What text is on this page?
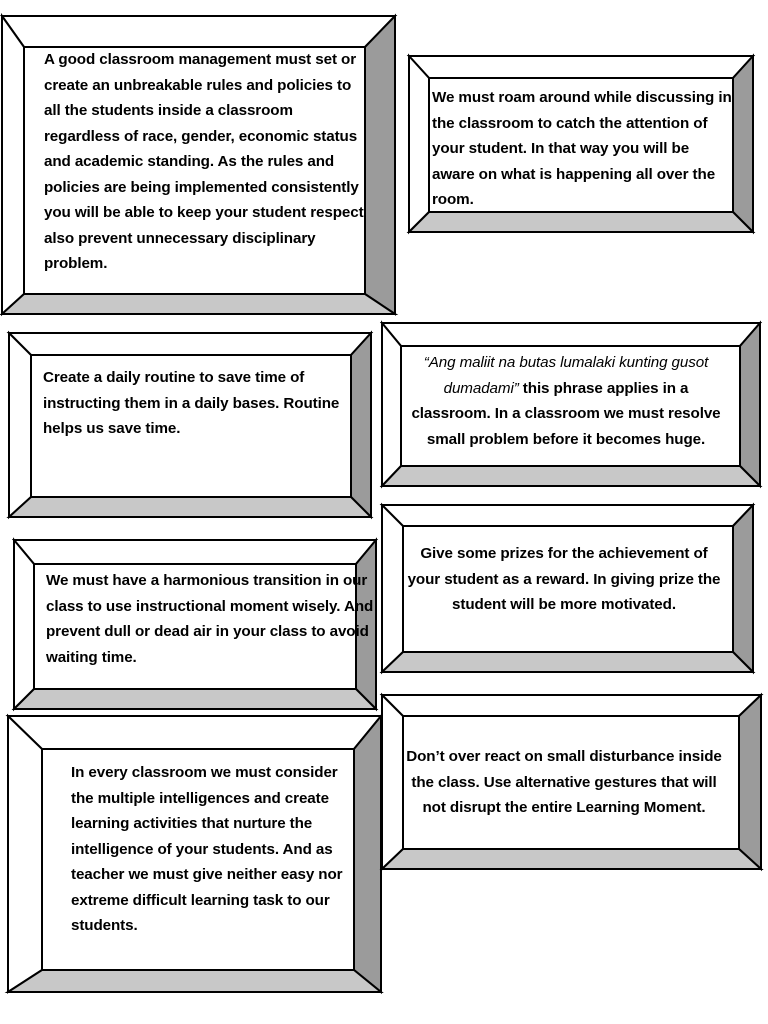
A good classroom management must set or create an unbreakable rules and policies to all the students inside a classroom regardless of race, gender, economic status and academic standing. As the rules and policies are being implemented consistently you will be able to keep your student respect also prevent unnecessary disciplinary problem.
We must roam around while discussing in the classroom to catch the attention of your student. In that way you will be aware on what is happening all over the room.
Create a daily routine to save time of instructing them in a daily bases. Routine helps us save time.
“Ang maliit na butas lumalaki kunting gusot dumadami” this phrase applies in a classroom. In a classroom we must resolve small problem before it becomes huge.
We must have a harmonious transition in our class to use instructional moment wisely. And prevent dull or dead air in your class to avoid waiting time.
Give some prizes for the achievement of your student as a reward. In giving prize the student will be more motivated.
In every classroom we must consider the multiple intelligences and create learning activities that nurture the intelligence of your students. And as teacher we must give neither easy nor extreme difficult learning task to our students.
Don’t over react on small disturbance inside the class. Use alternative gestures that will not disrupt the entire Learning Moment.
